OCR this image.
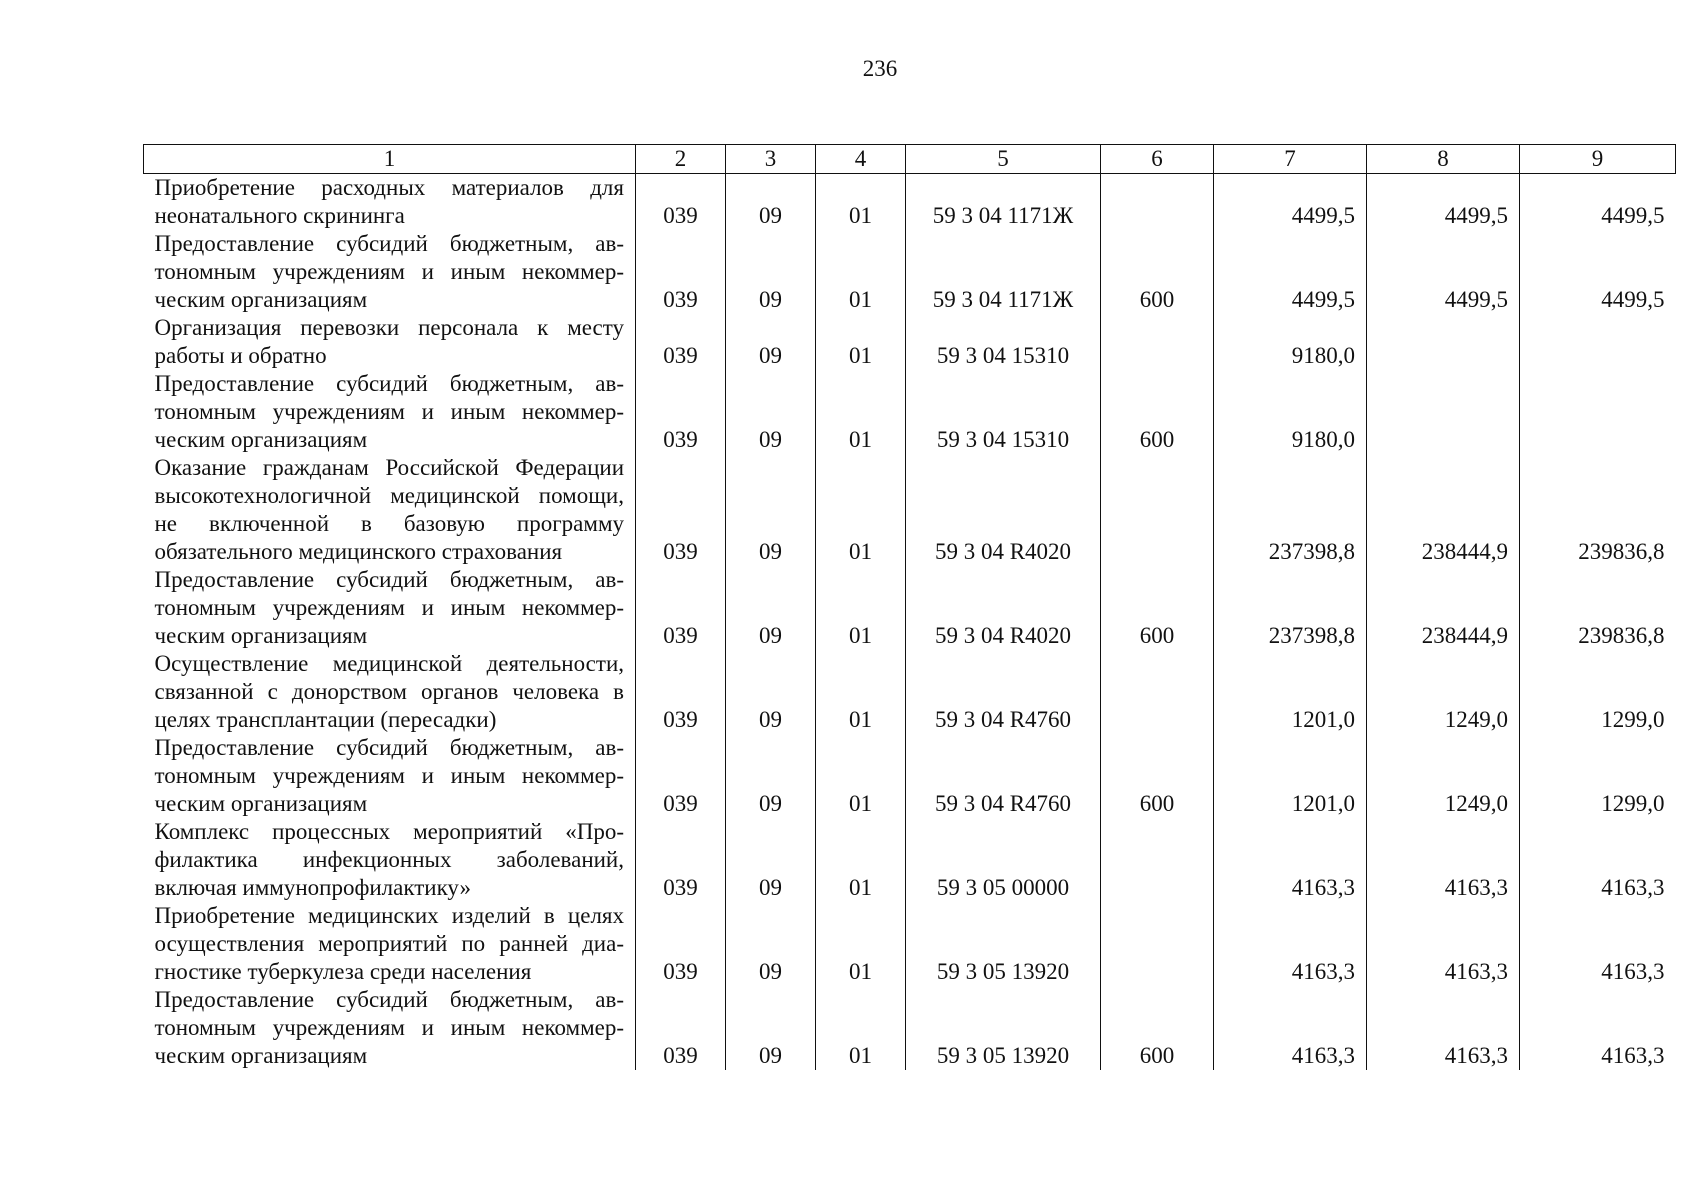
236
1	2	3	4	5	6	7	8	9
Приобретение расходных материалов для неонатального скрининга	039	09	01	59 3 04 1171Ж		4499,5	4499,5	4499,5
Предоставление субсидий бюджетным, автономным учреждениям и иным некоммерческим организациям	039	09	01	59 3 04 1171Ж	600	4499,5	4499,5	4499,5
Организация перевозки персонала к месту работы и обратно	039	09	01	59 3 04 15310		9180,0		
Предоставление субсидий бюджетным, автономным учреждениям и иным некоммерческим организациям	039	09	01	59 3 04 15310	600	9180,0		
Оказание гражданам Российской Федерации высокотехнологичной медицинской помощи, не включенной в базовую программу обязательного медицинского страхования	039	09	01	59 3 04 R4020		237398,8	238444,9	239836,8
Предоставление субсидий бюджетным, автономным учреждениям и иным некоммерческим организациям	039	09	01	59 3 04 R4020	600	237398,8	238444,9	239836,8
Осуществление медицинской деятельности, связанной с донорством органов человека в целях трансплантации (пересадки)	039	09	01	59 3 04 R4760		1201,0	1249,0	1299,0
Предоставление субсидий бюджетным, автономным учреждениям и иным некоммерческим организациям	039	09	01	59 3 04 R4760	600	1201,0	1249,0	1299,0
Комплекс процессных мероприятий «Профилактика инфекционных заболеваний, включая иммунопрофилактику»	039	09	01	59 3 05 00000		4163,3	4163,3	4163,3
Приобретение медицинских изделий в целях осуществления мероприятий по ранней диагностике туберкулеза среди населения	039	09	01	59 3 05 13920		4163,3	4163,3	4163,3
Предоставление субсидий бюджетным, автономным учреждениям и иным некоммерческим организациям	039	09	01	59 3 05 13920	600	4163,3	4163,3	4163,3
